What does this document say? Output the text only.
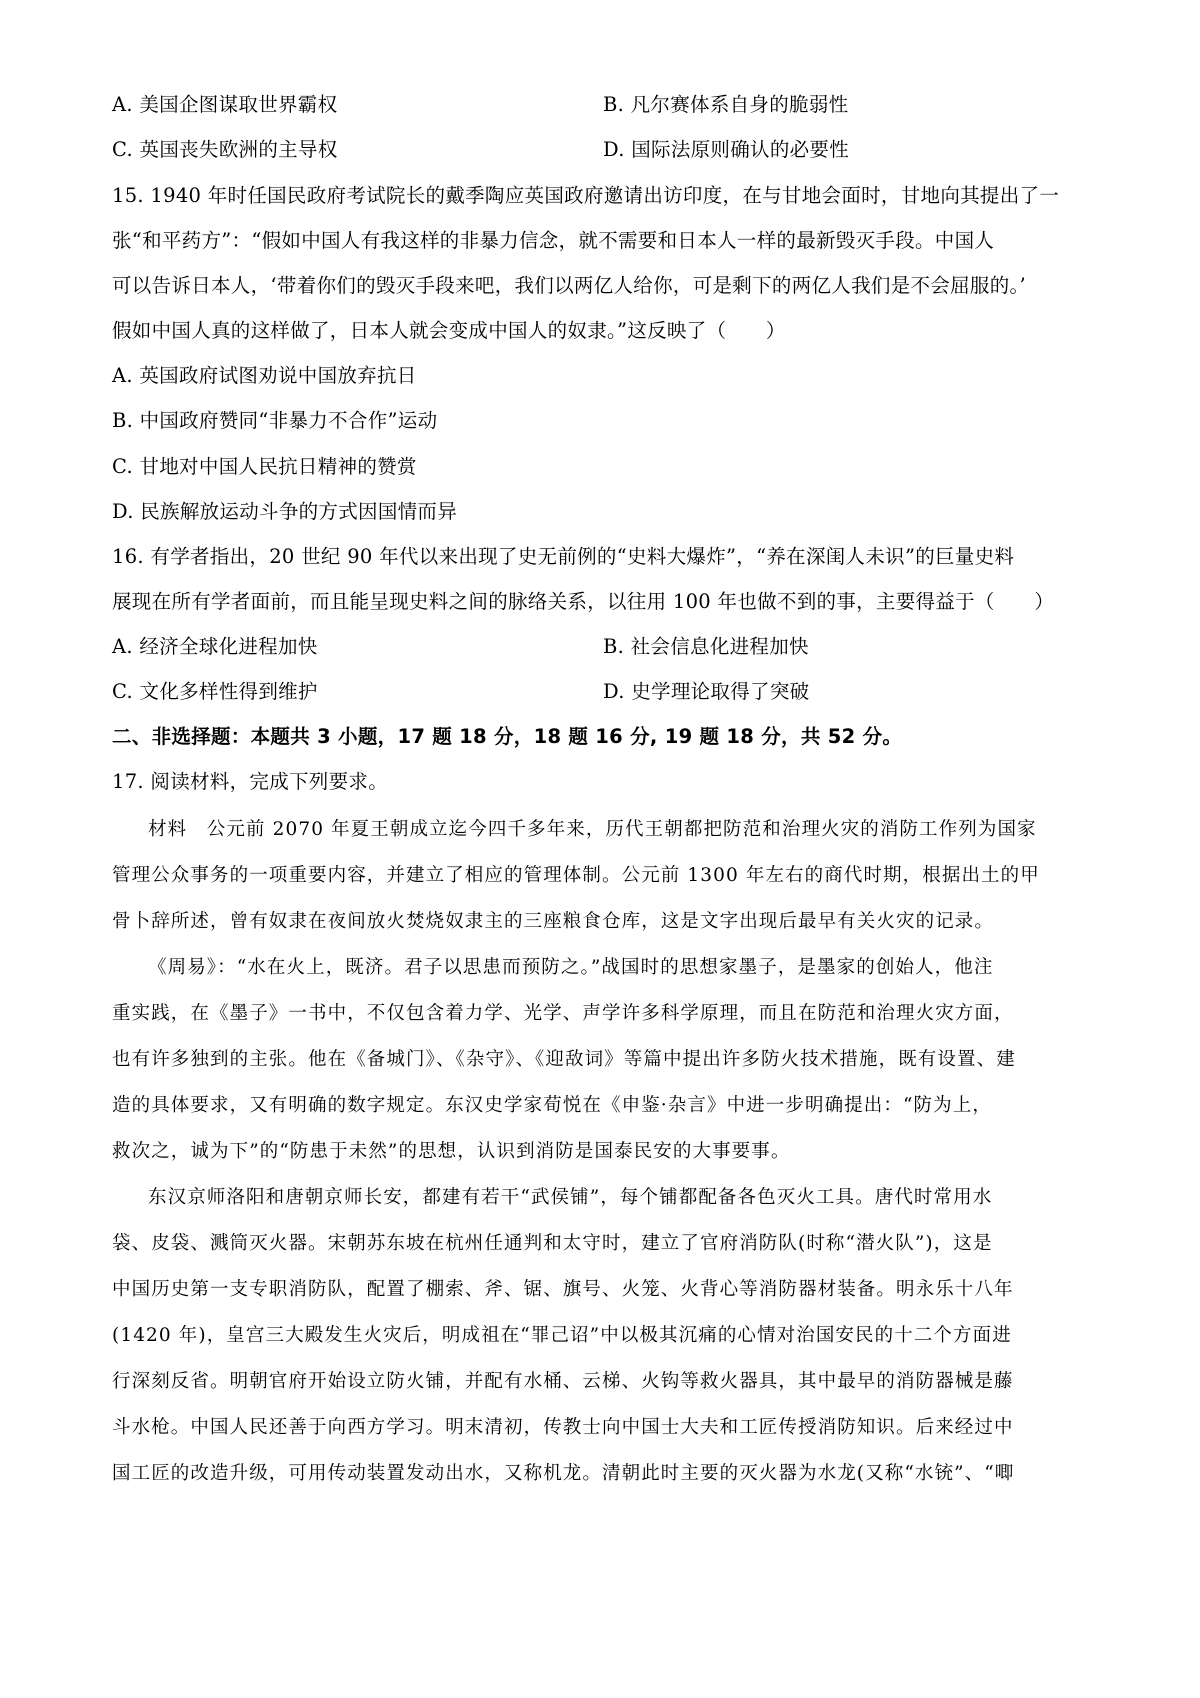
A. 美国企图谋取世界霸权	B. 凡尔赛体系自身的脆弱性
C. 英国丧失欧洲的主导权	D. 国际法原则确认的必要性
15. 1940 年时任国民政府考试院长的戴季陶应英国政府邀请出访印度，在与甘地会面时，甘地向其提出了一
张“和平药方”：“假如中国人有我这样的非暴力信念，就不需要和日本人一样的最新毁灭手段。中国人
可以告诉日本人，‘带着你们的毁灭手段来吧，我们以两亿人给你，可是剩下的两亿人我们是不会屈服的。’
假如中国人真的这样做了，日本人就会变成中国人的奴隶。”这反映了（　　）
A. 英国政府试图劝说中国放弃抗日
B. 中国政府赞同“非暴力不合作”运动
C. 甘地对中国人民抗日精神的赞赏
D. 民族解放运动斗争的方式因国情而异
16. 有学者指出，20 世纪 90 年代以来出现了史无前例的“史料大爆炸”，“养在深闺人未识”的巨量史料
展现在所有学者面前，而且能呈现史料之间的脉络关系，以往用 100 年也做不到的事，主要得益于（　　）
A. 经济全球化进程加快	B. 社会信息化进程加快
C. 文化多样性得到维护	D. 史学理论取得了突破
二、非选择题：本题共 3 小题，17 题 18 分，18 题 16 分, 19 题 18 分，共 52 分。
17. 阅读材料，完成下列要求。
材料　公元前 2070 年夏王朝成立迄今四千多年来，历代王朝都把防范和治理火灾的消防工作列为国家
管理公众事务的一项重要内容，并建立了相应的管理体制。公元前 1300 年左右的商代时期，根据出土的甲
骨卜辞所述，曾有奴隶在夜间放火焚烧奴隶主的三座粮食仓库，这是文字出现后最早有关火灾的记录。
《周易》：“水在火上，既济。君子以思患而预防之。”战国时的思想家墨子，是墨家的创始人，他注
重实践，在《墨子》一书中，不仅包含着力学、光学、声学许多科学原理，而且在防范和治理火灾方面，
也有许多独到的主张。他在《备城门》、《杂守》、《迎敌词》等篇中提出许多防火技术措施，既有设置、建
造的具体要求，又有明确的数字规定。东汉史学家荀悦在《申鉴·杂言》中进一步明确提出：“防为上，
救次之，诚为下”的“防患于未然”的思想，认识到消防是国泰民安的大事要事。
东汉京师洛阳和唐朝京师长安，都建有若干“武侯铺”，每个铺都配备各色灭火工具。唐代时常用水
袋、皮袋、溅筒灭火器。宋朝苏东坡在杭州任通判和太守时，建立了官府消防队(时称“潜火队”)，这是
中国历史第一支专职消防队，配置了棚索、斧、锯、旗号、火笼、火背心等消防器材装备。明永乐十八年
(1420 年)，皇宫三大殿发生火灾后，明成祖在“罪己诏”中以极其沉痛的心情对治国安民的十二个方面进
行深刻反省。明朝官府开始设立防火铺，并配有水桶、云梯、火钩等救火器具，其中最早的消防器械是藤
斗水枪。中国人民还善于向西方学习。明末清初，传教士向中国士大夫和工匠传授消防知识。后来经过中
国工匠的改造升级，可用传动装置发动出水，又称机龙。清朝此时主要的灭火器为水龙(又称“水铳”、“唧
